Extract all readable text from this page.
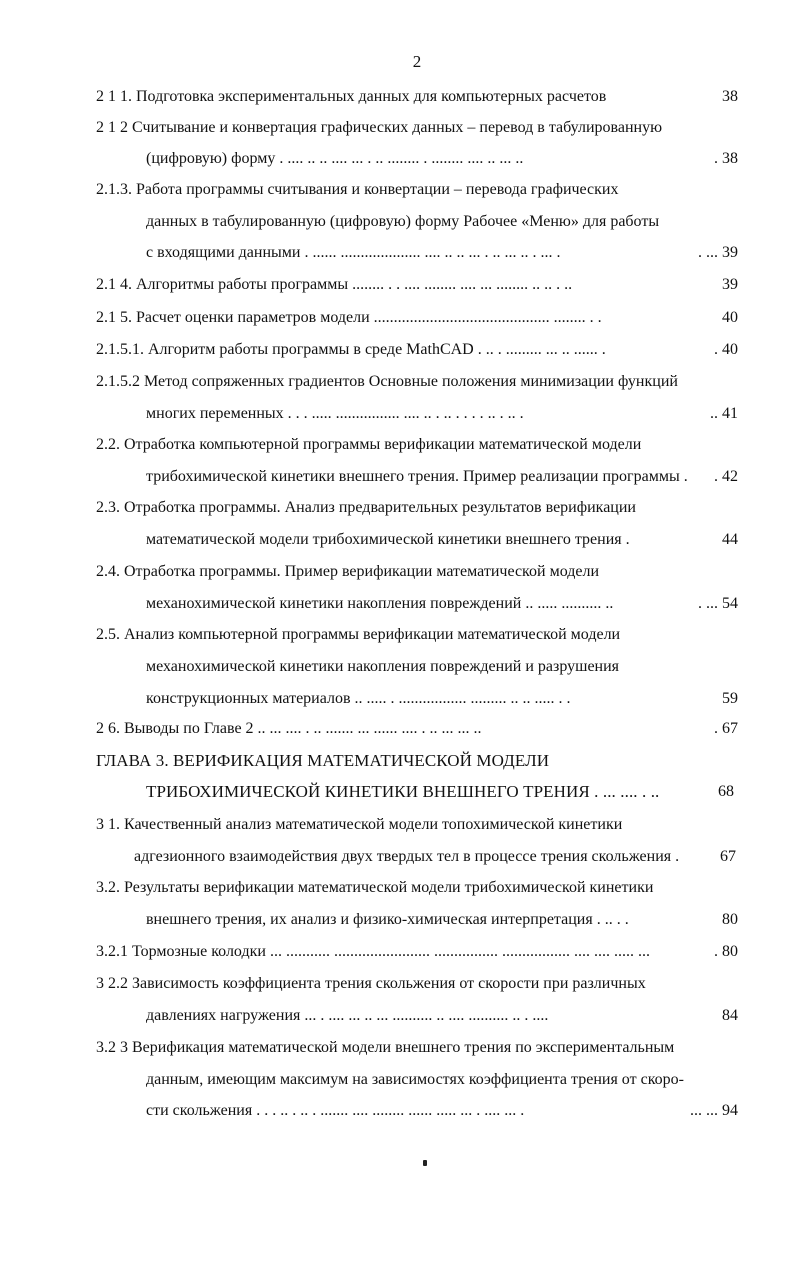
2
2 1 1. Подготовка экспериментальных данных для компьютерных расчетов	38
2 1 2 Считывание и конвертация графических данных – перевод в табулированную
(цифровую) форму . .... .. .. .... ... . .. ........ . ........ .... .. ... ..	. 38
2.1.3. Работа программы считывания и конвертации – перевода графических
данных в табулированную (цифровую) форму Рабочее «Меню» для работы
с входящими данными . ...... .................... .... .. .. ... . .. ... .. . ... .	. ... 39
2.1 4. Алгоритмы работы программы ........ . . .... ........ .... ... ........ .. .. . ..	39
2.1 5. Расчет оценки параметров модели ............................................ ........ . .	40
2.1.5.1. Алгоритм работы программы в среде MathCAD . .. . ......... ... .. ...... .	. 40
2.1.5.2 Метод сопряженных градиентов Основные положения минимизации функций
многих переменных . . . ..... ................ .... .. . .. . . . . .. . .. .	.. 41
2.2. Отработка компьютерной программы верификации математической модели
трибохимической кинетики внешнего трения. Пример реализации программы . . 42
2.3. Отработка программы. Анализ предварительных результатов верификации
математической модели трибохимической кинетики внешнего трения .	44
2.4. Отработка программы. Пример верификации математической модели
механохимической кинетики накопления повреждений .. ..... .......... ..	. ... 54
2.5. Анализ компьютерной программы верификации математической модели
механохимической кинетики накопления повреждений и разрушения
конструкционных материалов .. ..... . ................. ......... .. .. ..... . .	59
2 6. Выводы по Главе 2 .. ... .... . .. ....... ... ...... .... . .. ... ... ..	. 67
ГЛАВА 3. ВЕРИФИКАЦИЯ МАТЕМАТИЧЕСКОЙ МОДЕЛИ
ТРИБОХИМИЧЕСКОЙ КИНЕТИКИ ВНЕШНЕГО ТРЕНИЯ . ... .... . ..	68
3 1. Качественный анализ математической модели топохимической кинетики
адгезионного взаимодействия двух твердых тел в процессе трения скольжения .	67
3.2. Результаты верификации математической модели трибохимической кинетики
внешнего трения, их анализ и физико-химическая интерпретация . .. . .	80
3.2.1 Тормозные колодки ... ........... ........................ ................ ................. .... .... ..... ...	. 80
3 2.2 Зависимость коэффициента трения скольжения от скорости при различных
давлениях нагружения ... . .... ... .. ... .......... .. .... .......... .. . ....	84
3.2 3 Верификация математической модели внешнего трения по экспериментальным
данным, имеющим максимум на зависимостях коэффициента трения от скоро-
сти скольжения . . . .. . .. . ....... .... ........ ...... ..... ... . .... ... .	... ... 94
